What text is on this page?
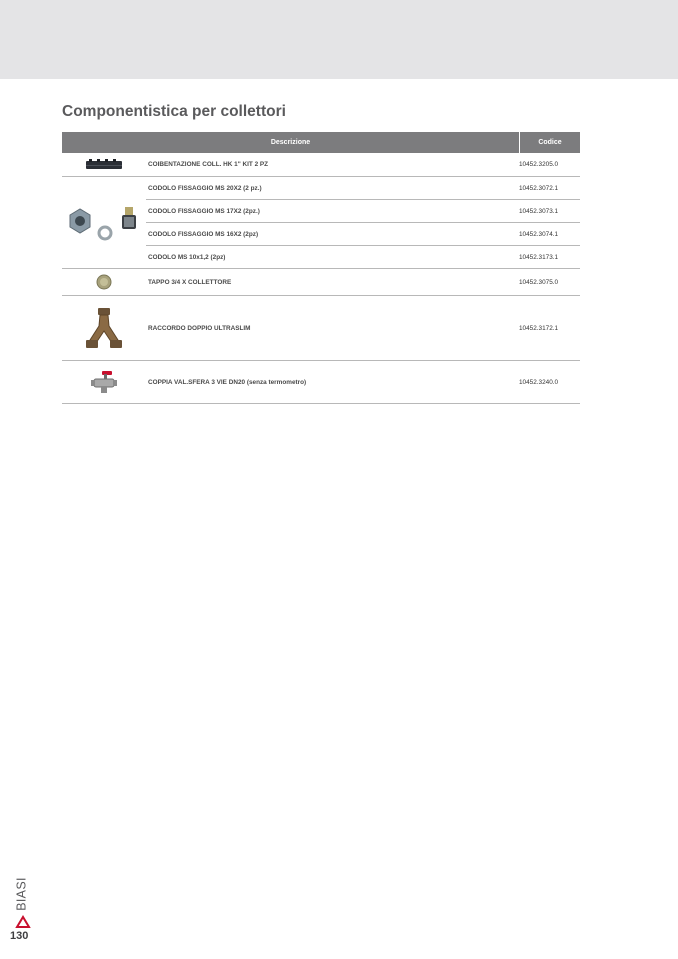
Componentistica per collettori
Descrizione	Codice
COIBENTAZIONE COLL. HK 1" KIT 2 PZ	10452.3205.0
CODOLO FISSAGGIO MS 20X2 (2 pz.)	10452.3072.1
CODOLO FISSAGGIO MS 17X2 (2pz.)	10452.3073.1
CODOLO FISSAGGIO MS 16X2 (2pz)	10452.3074.1
CODOLO MS 10x1,2 (2pz)	10452.3173.1
TAPPO 3/4 X COLLETTORE	10452.3075.0
RACCORDO DOPPIO ULTRASLIM	10452.3172.1
COPPIA VAL.SFERA 3 VIE DN20 (senza termometro)	10452.3240.0
BIASI
130
